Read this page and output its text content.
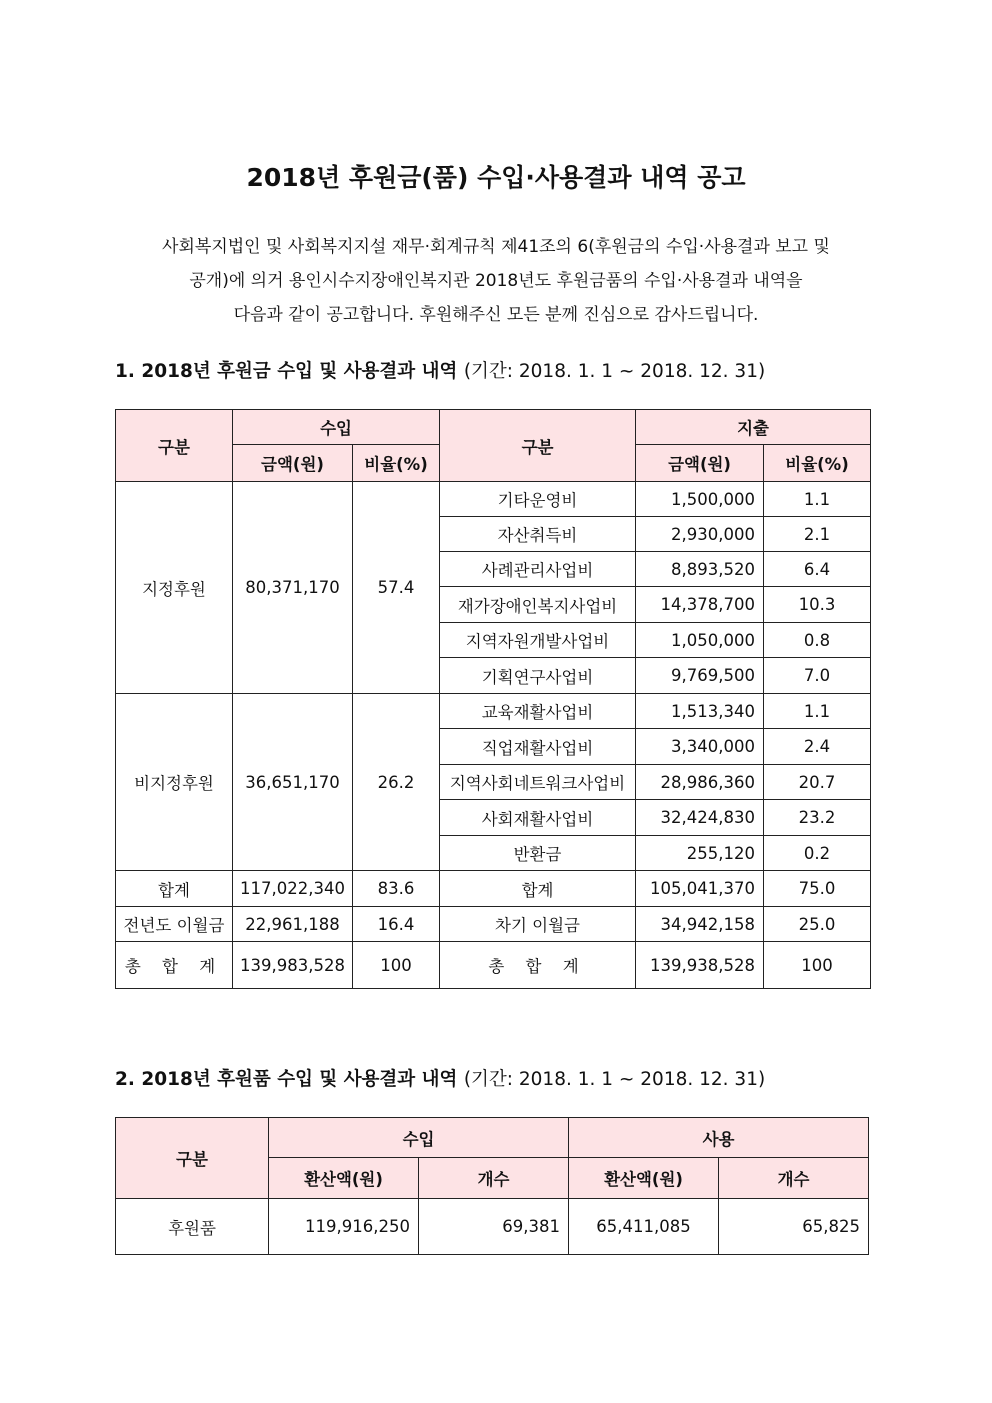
2018년 후원금(품) 수입·사용결과 내역 공고
사회복지법인 및 사회복지지설 재무·회계규칙 제41조의 6(후원금의 수입·사용결과 보고 및
공개)에 의거 용인시수지장애인복지관 2018년도 후원금품의 수입·사용결과 내역을
다음과 같이 공고합니다. 후원해주신 모든 분께 진심으로 감사드립니다.
1. 2018년 후원금 수입 및 사용결과 내역 (기간: 2018. 1. 1 ~ 2018. 12. 31)
구분	수입		구분	지출	
	금액(원)	비율(%)		금액(원)	비율(%)
지정후원	80,371,170	57.4	기타운영비	1,500,000	1.1
			자산취득비	2,930,000	2.1
			사례관리사업비	8,893,520	6.4
			재가장애인복지사업비	14,378,700	10.3
			지역자원개발사업비	1,050,000	0.8
			기획연구사업비	9,769,500	7.0
비지정후원	36,651,170	26.2	교육재활사업비	1,513,340	1.1
			직업재활사업비	3,340,000	2.4
			지역사회네트워크사업비	28,986,360	20.7
			사회재활사업비	32,424,830	23.2
			반환금	255,120	0.2
합계	117,022,340	83.6	합계	105,041,370	75.0
전년도 이월금	22,961,188	16.4	차기 이월금	34,942,158	25.0
총 합 계	139,983,528	100	총 합 계	139,938,528	100
2. 2018년 후원품 수입 및 사용결과 내역 (기간: 2018. 1. 1 ~ 2018. 12. 31)
구분	수입		사용	
	환산액(원)	개수	환산액(원)	개수
후원품	119,916,250	69,381	65,411,085	65,825
